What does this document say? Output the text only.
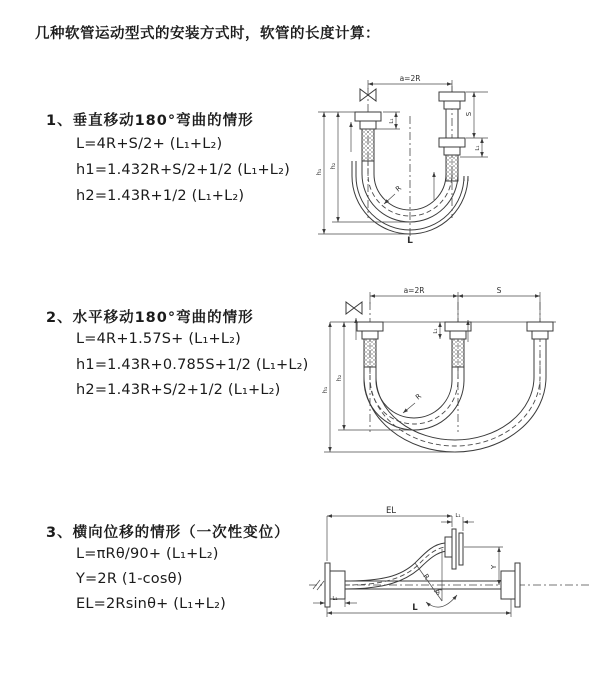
几种软管运动型式的安装方式时，软管的长度计算：
1、垂直移动180°弯曲的情形
L=4R+S/2+ (L₁+L₂)
h1=1.432R+S/2+1/2 (L₁+L₂)
h2=1.43R+1/2 (L₁+L₂)
2、水平移动180°弯曲的情形
L=4R+1.57S+ (L₁+L₂)
h1=1.43R+0.785S+1/2 (L₁+L₂)
h2=1.43R+S/2+1/2 (L₁+L₂)
3、横向位移的情形（一次性变位）
L=πRθ/90+ (L₁+L₂)
Y=2R (1-cosθ)
EL=2Rsinθ+ (L₁+L₂)
a=2R
h₁
h₂
L₁
S
L₁
R
L
a=2R	S
h₁
h₂
L₁
R
EL	L₁
Y
θ
R
L
L₁
